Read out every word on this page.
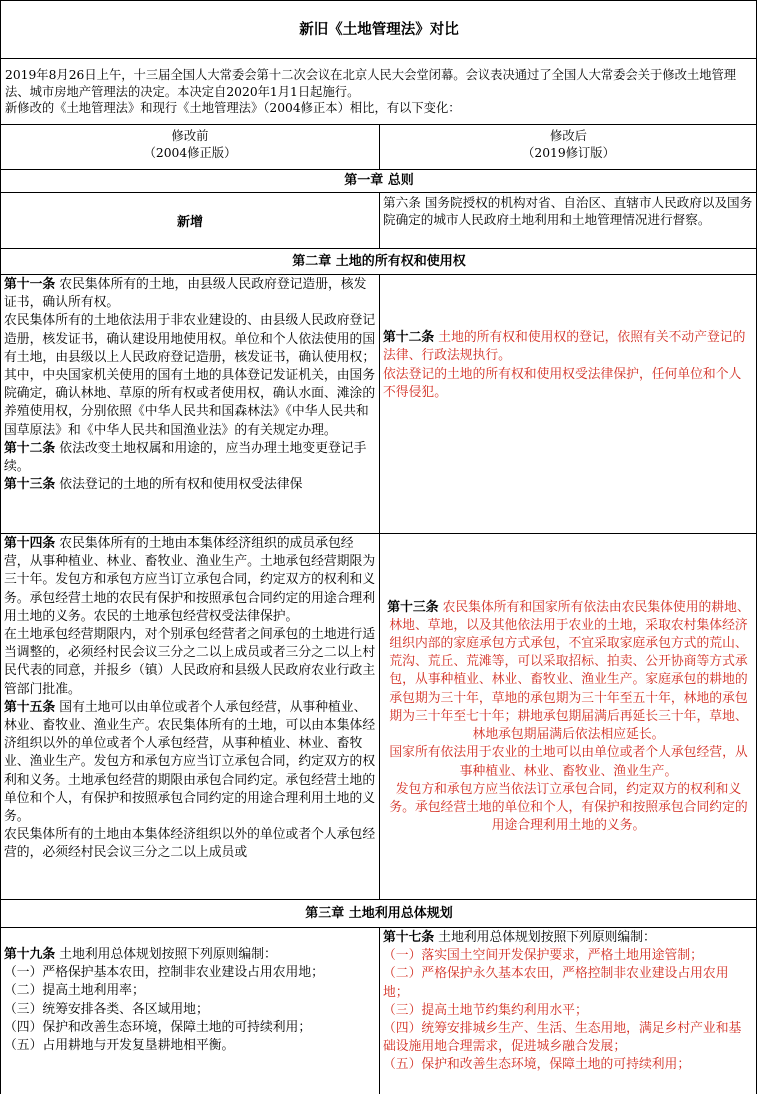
新旧《土地管理法》对比
2019年8月26日上午，十三届全国人大常委会第十二次会议在北京人民大会堂闭幕。会议表决通过了全国人大常委会关于修改土地管理法、城市房地产管理法的决定。本决定自2020年1月1日起施行。
新修改的《土地管理法》和现行《土地管理法》（2004修正本）相比，有以下变化：
修改前
（2004修正版）
修改后
（2019修订版）
第一章 总则
新增

第六条 国务院授权的机构对省、自治区、直辖市人民政府以及国务院确定的城市人民政府土地利用和土地管理情况进行督察。

第二章 土地的所有权和使用权

第十一条 农民集体所有的土地，由县级人民政府登记造册，核发证书，确认所有权。

农民集体所有的土地依法用于非农业建设的、由县级人民政府登记造册，核发证书，确认建设用地使用权。单位和个人依法使用的国有土地，由县级以上人民政府登记造册，核发证书，确认使用权；其中，中央国家机关使用的国有土地的具体登记发证机关，由国务院确定，确认林地、草原的所有权或者使用权，确认水面、滩涂的养殖使用权，分别依照《中华人民共和国森林法》《中华人民共和国草原法》和《中华人民共和国渔业法》的有关规定办理。

第十二条 依法改变土地权属和用途的，应当办理土地变更登记手续。

第十三条 依法登记的土地的所有权和使用权受法律保

第十二条 土地的所有权和使用权的登记，依照有关不动产登记的法律、行政法规执行。

依法登记的土地的所有权和使用权受法律保护，任何单位和个人不得侵犯。

第十四条 农民集体所有的土地由本集体经济组织的成员承包经营，从事种植业、林业、畜牧业、渔业生产。土地承包经营期限为三十年。发包方和承包方应当订立承包合同，约定双方的权利和义务。承包经营土地的农民有保护和按照承包合同约定的用途合理利用土地的义务。农民的土地承包经营权受法律保护。

在土地承包经营期限内，对个别承包经营者之间承包的土地进行适当调整的，必须经村民会议三分之二以上成员或者三分之二以上村民代表的同意，并报乡（镇）人民政府和县级人民政府农业行政主管部门批准。

第十五条 国有土地可以由单位或者个人承包经营，从事种植业、林业、畜牧业、渔业生产。农民集体所有的土地，可以由本集体经济组织以外的单位或者个人承包经营，从事种植业、林业、畜牧业、渔业生产。发包方和承包方应当订立承包合同，约定双方的权利和义务。土地承包经营的期限由承包合同约定。承包经营土地的单位和个人，有保护和按照承包合同约定的用途合理利用土地的义务。

农民集体所有的土地由本集体经济组织以外的单位或者个人承包经营的，必须经村民会议三分之二以上成员或

第十三条 农民集体所有和国家所有依法由农民集体使用的耕地、林地、草地，以及其他依法用于农业的土地，采取农村集体经济组织内部的家庭承包方式承包，不宜采取家庭承包方式的荒山、荒沟、荒丘、荒滩等，可以采取招标、拍卖、公开协商等方式承包，从事种植业、林业、畜牧业、渔业生产。家庭承包的耕地的承包期为三十年，草地的承包期为三十年至五十年，林地的承包期为三十年至七十年；耕地承包期届满后再延长三十年，草地、林地承包期届满后依法相应延长。

国家所有依法用于农业的土地可以由单位或者个人承包经营，从事种植业、林业、畜牧业、渔业生产。

发包方和承包方应当依法订立承包合同，约定双方的权利和义务。承包经营土地的单位和个人，有保护和按照承包合同约定的用途合理利用土地的义务。

第三章 土地利用总体规划

第十九条 土地利用总体规划按照下列原则编制：

（一）严格保护基本农田，控制非农业建设占用农用地；

（二）提高土地利用率；

（三）统筹安排各类、各区域用地；

（四）保护和改善生态环境，保障土地的可持续利用；

（五）占用耕地与开发复垦耕地相平衡。

第十七条 土地利用总体规划按照下列原则编制：

（一）落实国土空间开发保护要求，严格土地用途管制；

（二）严格保护永久基本农田，严格控制非农业建设占用农用地；

（三）提高土地节约集约利用水平；

（四）统筹安排城乡生产、生活、生态用地，满足乡村产业和基础设施用地合理需求，促进城乡融合发展；

（五）保护和改善生态环境，保障土地的可持续利用；
